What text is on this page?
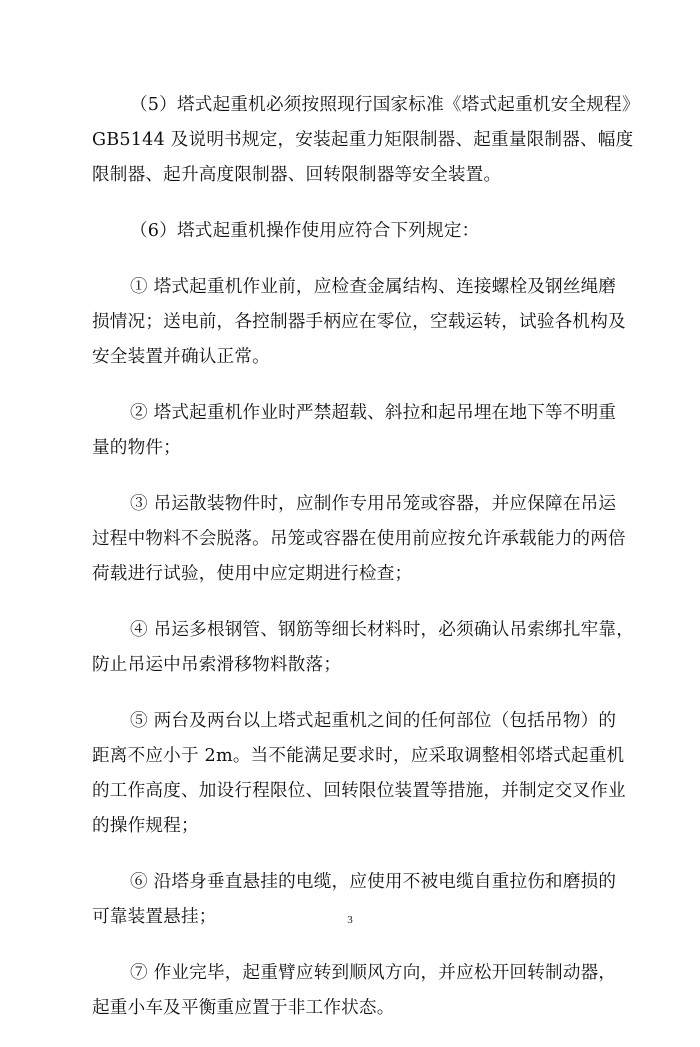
（5）塔式起重机必须按照现行国家标准《塔式起重机安全规程》
GB5144 及说明书规定，安装起重力矩限制器、起重量限制器、幅度
限制器、起升高度限制器、回转限制器等安全装置。

（6）塔式起重机操作使用应符合下列规定：

① 塔式起重机作业前，应检查金属结构、连接螺栓及钢丝绳磨
损情况；送电前，各控制器手柄应在零位，空载运转，试验各机构及
安全装置并确认正常。

② 塔式起重机作业时严禁超载、斜拉和起吊埋在地下等不明重
量的物件；

③ 吊运散装物件时，应制作专用吊笼或容器，并应保障在吊运
过程中物料不会脱落。吊笼或容器在使用前应按允许承载能力的两倍
荷载进行试验，使用中应定期进行检查；

④ 吊运多根钢管、钢筋等细长材料时，必须确认吊索绑扎牢靠，
防止吊运中吊索滑移物料散落；

⑤ 两台及两台以上塔式起重机之间的任何部位（包括吊物）的
距离不应小于 2m。当不能满足要求时，应采取调整相邻塔式起重机
的工作高度、加设行程限位、回转限位装置等措施，并制定交叉作业
的操作规程；

⑥ 沿塔身垂直悬挂的电缆，应使用不被电缆自重拉伤和磨损的
可靠装置悬挂；

⑦ 作业完毕，起重臂应转到顺风方向，并应松开回转制动器，
起重小车及平衡重应置于非工作状态。

3
